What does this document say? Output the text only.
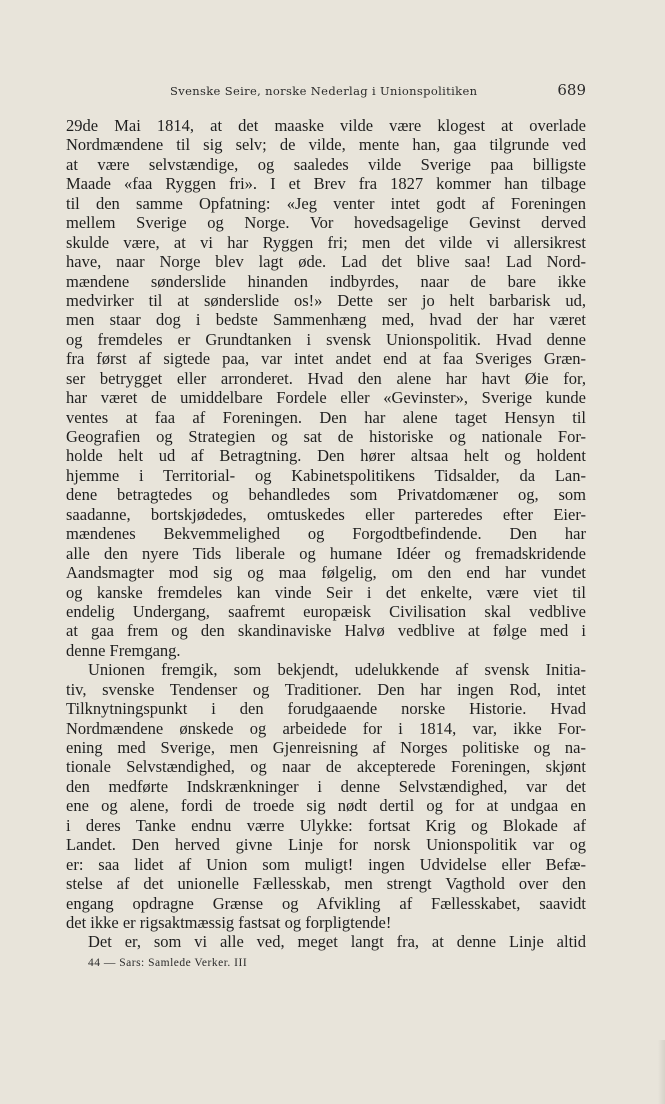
Svenske Seire, norske Nederlag i Unionspolitiken	689
29de Mai 1814, at det maaske vilde være klogest at overlade
Nordmændene til sig selv; de vilde, mente han, gaa tilgrunde ved
at være selvstændige, og saaledes vilde Sverige paa billigste
Maade «faa Ryggen fri». I et Brev fra 1827 kommer han tilbage
til den samme Opfatning: «Jeg venter intet godt af Foreningen
mellem Sverige og Norge. Vor hovedsagelige Gevinst derved
skulde være, at vi har Ryggen fri; men det vilde vi allersikrest
have, naar Norge blev lagt øde. Lad det blive saa! Lad Nord-
mændene sønderslide hinanden indbyrdes, naar de bare ikke
medvirker til at sønderslide os!» Dette ser jo helt barbarisk ud,
men staar dog i bedste Sammenhæng med, hvad der har været
og fremdeles er Grundtanken i svensk Unionspolitik. Hvad denne
fra først af sigtede paa, var intet andet end at faa Sveriges Græn-
ser betrygget eller arronderet. Hvad den alene har havt Øie for,
har været de umiddelbare Fordele eller «Gevinster», Sverige kunde
ventes at faa af Foreningen. Den har alene taget Hensyn til
Geografien og Strategien og sat de historiske og nationale For-
holde helt ud af Betragtning. Den hører altsaa helt og holdent
hjemme i Territorial- og Kabinetspolitikens Tidsalder, da Lan-
dene betragtedes og behandledes som Privatdomæner og, som
saadanne, bortskjødedes, omtuskedes eller parteredes efter Eier-
mændenes Bekvemmelighed og Forgodtbefindende. Den har
alle den nyere Tids liberale og humane Idéer og fremadskridende
Aandsmagter mod sig og maa følgelig, om den end har vundet
og kanske fremdeles kan vinde Seir i det enkelte, være viet til
endelig Undergang, saafremt europæisk Civilisation skal vedblive
at gaa frem og den skandinaviske Halvø vedblive at følge med i
denne Fremgang.
Unionen fremgik, som bekjendt, udelukkende af svensk Initia-
tiv, svenske Tendenser og Traditioner. Den har ingen Rod, intet
Tilknytningspunkt i den forudgaaende norske Historie. Hvad
Nordmændene ønskede og arbeidede for i 1814, var, ikke For-
ening med Sverige, men Gjenreisning af Norges politiske og na-
tionale Selvstændighed, og naar de akcepterede Foreningen, skjønt
den medførte Indskrænkninger i denne Selvstændighed, var det
ene og alene, fordi de troede sig nødt dertil og for at undgaa en
i deres Tanke endnu værre Ulykke: fortsat Krig og Blokade af
Landet. Den herved givne Linje for norsk Unionspolitik var og
er: saa lidet af Union som muligt! ingen Udvidelse eller Befæ-
stelse af det unionelle Fællesskab, men strengt Vagthold over den
engang opdragne Grænse og Afvikling af Fællesskabet, saavidt
det ikke er rigsaktmæssig fastsat og forpligtende!
Det er, som vi alle ved, meget langt fra, at denne Linje altid
44 — Sars: Samlede Verker. III
